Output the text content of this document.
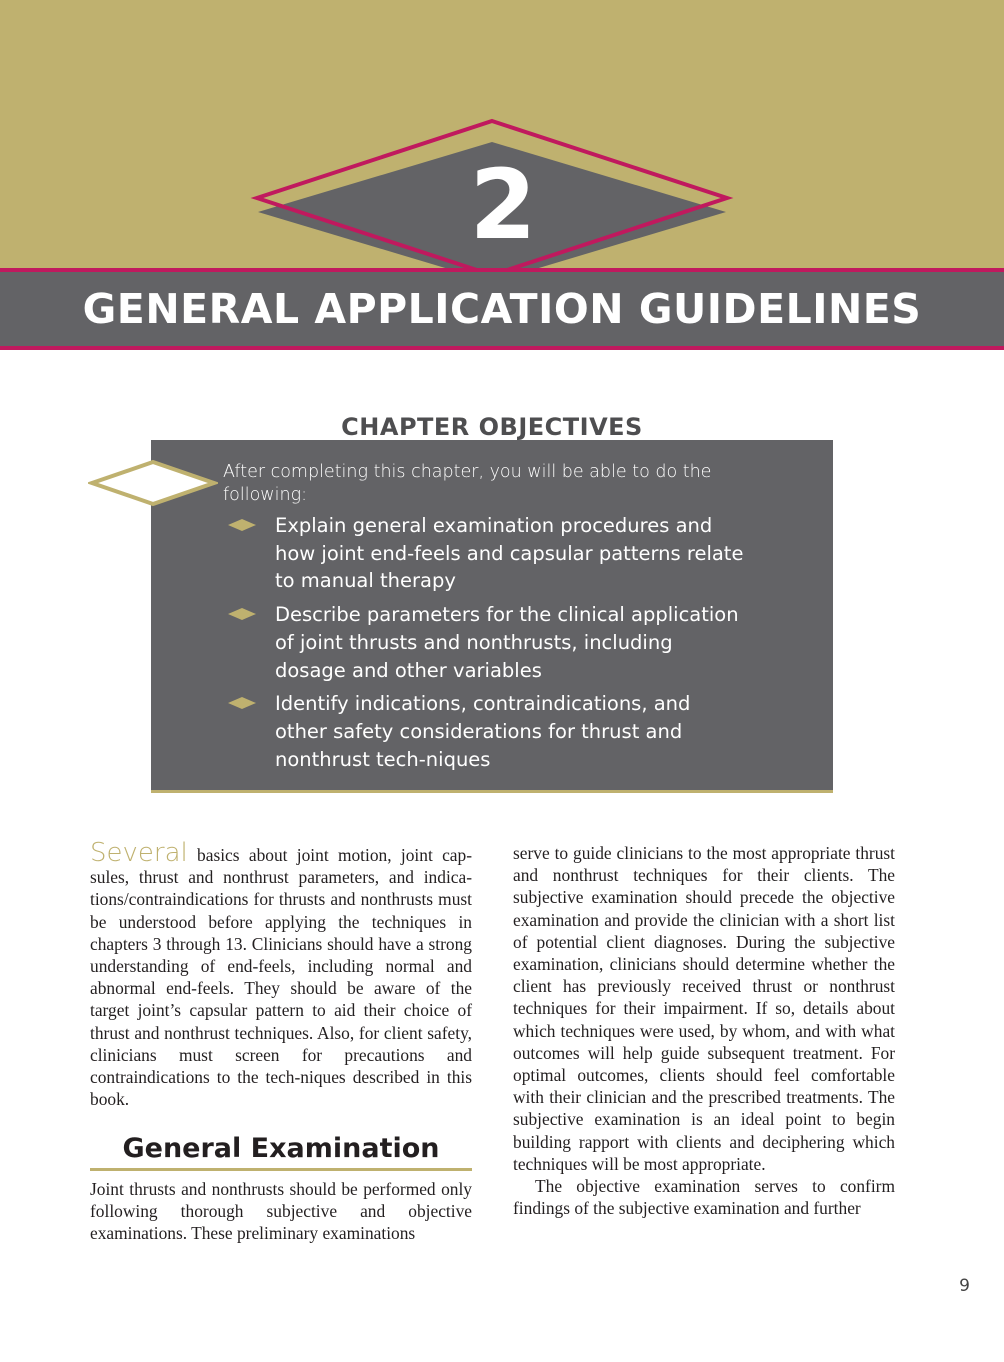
2
GENERAL APPLICATION GUIDELINES
CHAPTER OBJECTIVES
After completing this chapter, you will be able to do the following:
Explain general examination procedures and how joint end-feels and capsular patterns relate to manual therapy
Describe parameters for the clinical application of joint thrusts and nonthrusts, including dosage and other variables
Identify indications, contraindications, and other safety considerations for thrust and nonthrust tech-niques

Several basics about joint motion, joint cap-sules, thrust and nonthrust parameters, and indica-tions/contraindications for thrusts and nonthrusts must be understood before applying the techniques in chapters 3 through 13. Clinicians should have a strong understanding of end-feels, including normal and abnormal end-feels. They should be aware of the target joint’s capsular pattern to aid their choice of thrust and nonthrust techniques. Also, for client safety, clinicians must screen for precautions and contraindications to the tech-niques described in this book.

General Examination

Joint thrusts and nonthrusts should be performed only following thorough subjective and objective examinations. These preliminary examinations

serve to guide clinicians to the most appropriate thrust and nonthrust techniques for their clients. The subjective examination should precede the objective examination and provide the clinician with a short list of potential client diagnoses. During the subjective examination, clinicians should determine whether the client has previously received thrust or nonthrust techniques for their impairment. If so, details about which techniques were used, by whom, and with what outcomes will help guide subsequent treatment. For optimal outcomes, clients should feel comfortable with their clinician and the prescribed treatments. The subjective examination is an ideal point to begin building rapport with clients and deciphering which techniques will be most appropriate.

The objective examination serves to confirm findings of the subjective examination and further

9
